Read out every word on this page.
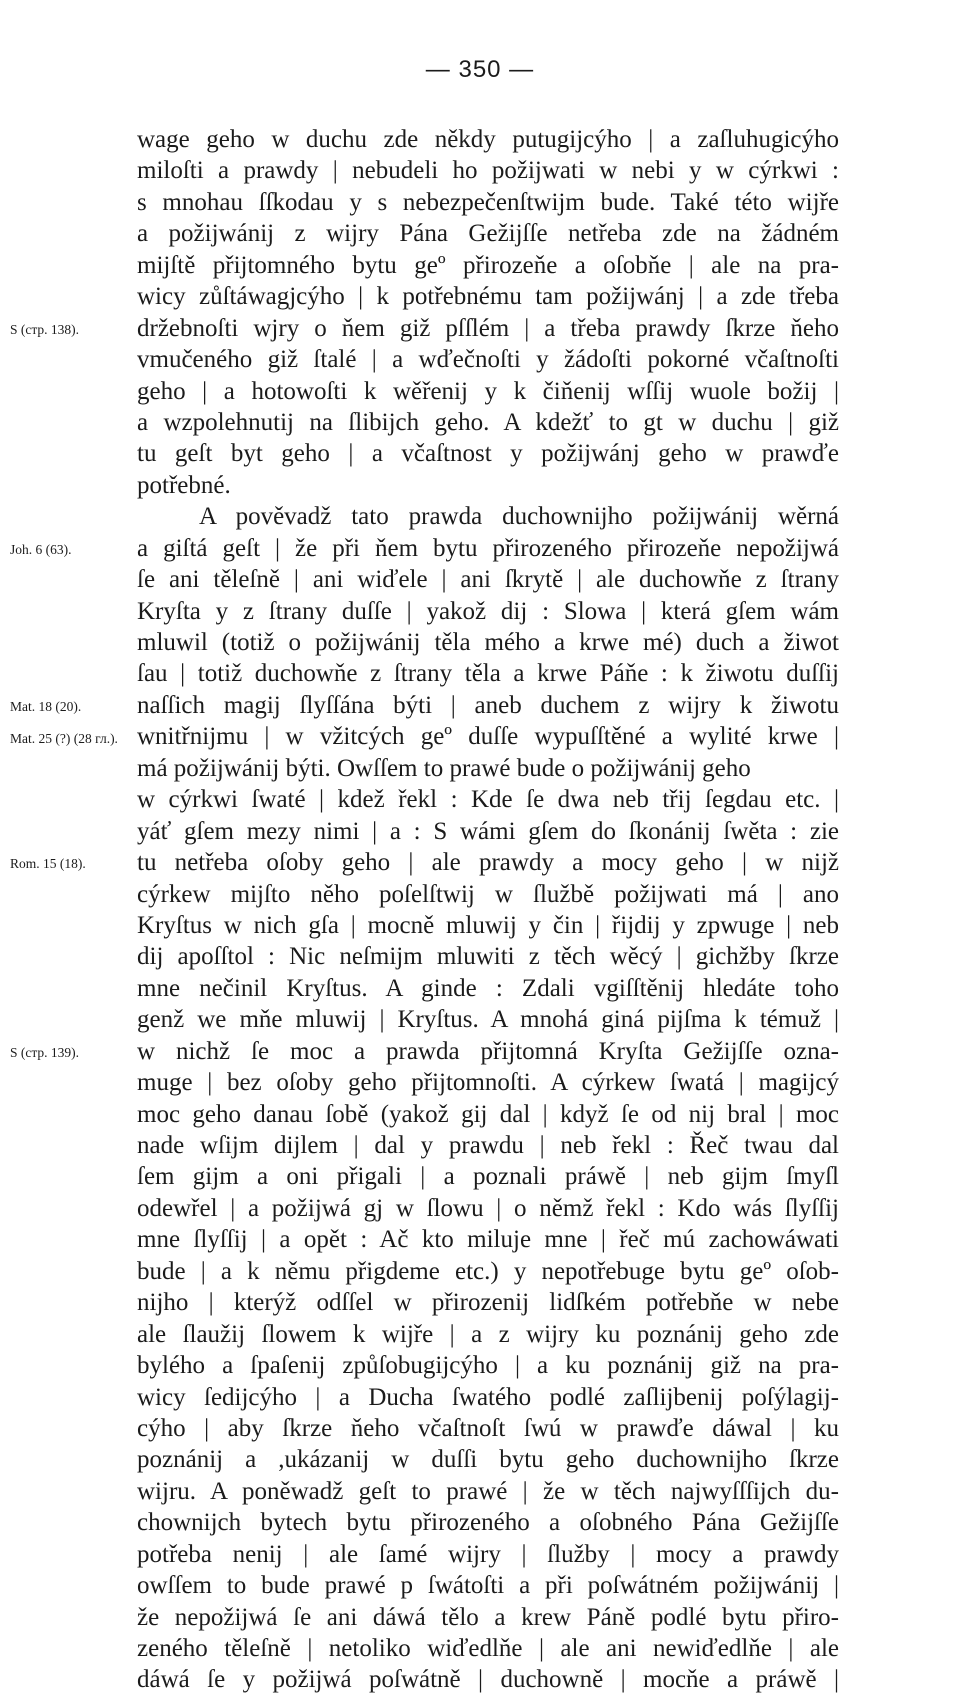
— 350 —
wage geho w duchu zde někdy putugijcýho | a zaſluhugicýho
miloſti a prawdy | nebudeli ho požijwati w nebi y w cýrkwi :
s mnohau ſſkodau y s nebezpečenſtwijm bude. Také této wijře
a požijwánij z wijry Pána Gežijſſe netřeba zde na žádném
mijſtě přijtomného bytu geº přirozeňe a oſobňe | ale na pra-
wicy zůſtáwagjcýho | k potřebnému tam požijwánj | a zde třeba
držebnoſti wjry o ňem giž pſſlém | a třeba prawdy ſkrze ňeho
vmučeného giž ſtalé | a wďečnoſti y žádoſti pokorné včaſtnoſti
geho | a hotowoſti k wěřenij y k čiňenij wſſij wuole božij |
a wzpolehnutij na ſlibijch geho. A kdežť to gt w duchu | giž
tu geſt byt geho | a včaſtnost y požijwánj geho w prawďe
potřebné.
A pověvadž tato prawda duchownijho požijwánij wěrná
a giſtá geſt | že při ňem bytu přirozeného přirozeňe nepožijwá
ſe ani těleſně | ani wiďele | ani ſkrytě | ale duchowňe z ſtrany
Kryſta y z ſtrany duſſe | yakož dij : Slowa | která gſem wám
mluwil (totiž o požijwánij těla mého a krwe mé) duch a žiwot
ſau | totiž duchowňe z ſtrany těla a krwe Páňe : k žiwotu duſſij
naſſich magij ſlyſſána býti | aneb duchem z wijry k žiwotu
wnitřnijmu | w vžitcých geº duſſe wypuſſtěné a wylité krwe |
má požijwánij býti. Owſſem to prawé bude o požijwánij geho
w cýrkwi ſwaté | kdež řekl : Kde ſe dwa neb třij ſegdau etc. |
yáť gſem mezy nimi | a : S wámi gſem do ſkonánij ſwěta : zie
tu netřeba oſoby geho | ale prawdy a mocy geho | w nijž
cýrkew mijſto něho poſelſtwij w ſlužbě požijwati má | ano
Kryſtus w nich gſa | mocně mluwij y čin | řijdij y zpwuge | neb
dij apoſſtol : Nic neſmijm mluwiti z těch wěcý | gichžby ſkrze
mne nečinil Kryſtus. A ginde : Zdali vgiſſtěnij hledáte toho
genž we mňe mluwij | Kryſtus. A mnohá giná pijſma k témuž |
w nichž ſe moc a prawda přijtomná Kryſta Gežijſſe ozna-
muge | bez oſoby geho přijtomnoſti. A cýrkew ſwatá | magijcý
moc geho danau ſobě (yakož gij dal | když ſe od nij bral | moc
nade wſijm dijlem | dal y prawdu | neb řekl : Řeč twau dal
ſem gijm a oni přigali | a poznali práwě | neb gijm ſmyſl
odewřel | a požijwá gj w ſlowu | o němž řekl : Kdo wás ſlyſſij
mne ſlyſſij | a opět : Ač kto miluje mne | řeč mú zachowáwati
bude | a k němu přigdeme etc.) y nepotřebuge bytu geº oſob-
nijho | kterýž odſſel w přirozenij lidſkém potřebňe w nebe
ale ſlaužij ſlowem k wijře | a z wijry ku poznánij geho zde
bylého a ſpaſenij způſobugijcýho | a ku poznánij giž na pra-
wicy ſedijcýho | a Ducha ſwatého podlé zaſlijbenij poſýlagij-
cýho | aby ſkrze ňeho včaſtnoſt ſwú w prawďe dáwal | ku
poznánij a ,ukázanij w duſſi bytu geho duchownijho ſkrze
wijru. A poněwadž geſt to prawé | že w těch najwyſſſijch du-
chownijch bytech bytu přirozeného a oſobného Pána Gežijſſe
potřeba nenij | ale ſamé wijry | ſlužby | mocy a prawdy
owſſem to bude prawé p ſwátoſti a při poſwátném požijwánij |
že nepožijwá ſe ani dáwá tělo a krew Páně podlé bytu přiro-
zeného těleſně | netoliko wiďedlňe | ale ani newiďedlňe | ale
dáwá ſe y požijwá poſwátně | duchowně | mocňe a práwě |
S (стр. 138).
Joh. 6 (63).
Mat. 18 (20).
Mat. 25 (?) (28 гл.).
Rom. 15 (18).
S (стр. 139).
